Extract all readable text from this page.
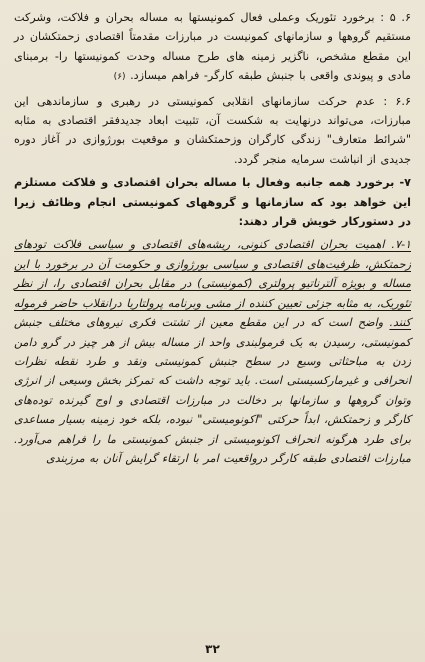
۶. ۵ : برخورد تئوریک وعملی فعال کمونیستها به مساله بحران و فلاکت، وشرکت مستقیم گروهها و سازمانهای کمونیست در مبارزات مقدمتاً اقتصادی زحمتکشان در این مقطع مشخص، ناگزیر زمینه های طرح مساله وحدت کمونیستها را- برمبنای مادی و پیوندی واقعی با جنبش طبقه کارگر- فراهم میسازد. (۶)

۶.۶ : عدم حرکت سازمانهای انقلابی کمونیستی در رهبری و سازماندهی این مبارزات، می‌تواند درنهایت به شکست آن، تثبیت ابعاد جدیدفقر اقتصادی به مثابه "شرائط متعارف" زندگی کارگران وزحمتکشان و موقعیت بورژوازی در آغاز دوره جدیدی از انباشت سرمایه منجر گردد.

۷- برخورد همه جانبه وفعال با مساله بحران اقتصادی و فلاکت مستلزم این خواهد بود که سازمانها و گروههای کمونیستی انجام وظائف زیرا در دستورکار خویش قرار دهند:

۷-۱. اهمیت بحران اقتصادی کنونی، ریشه‌های اقتصادی و سیاسی فلاکت تودهای زحمتکش، ظرفیت‌های اقتصادی و سیاسی بورژوازی و حکومت آن در برخورد با این مساله و بویژه آلترناتیو پرولتری (کمونیستی) در مقابل بحران اقتصادی را، از نظر تئوریک، به مثابه جزئی تعیین کننده از مشی وبرنامه پرولتاریا درانقلاب حاضر فرموله کنند. واضح است که در این مقطع معین از تشتت فکری نیروهای مختلف جنبش کمونیستی، رسیدن به یک فرمولبندی واحد از مساله بیش از هر چیز در گرو دامن زدن به مباحثاتی وسیع در سطح جنبش کمونیستی ونقد و طرد نقطه نظرات انحرافی و غیرمارکسیستی است. باید توجه داشت که تمرکز بخش وسیعی از انرژی وتوان گروهها و سازمانها بر دخالت در مبارزات اقتصادی و اوج گیرنده توده‌های کارگر و زحمتکش، ابداً حرکتی "اکونومیستی" نبوده، بلکه خود زمینه بسیار مساعدی برای طرد هرگونه انحراف اکونومیستی از جنبش کمونیستی ما را فراهم می‌آورد. مبارزات اقتصادی طبقه کارگر درواقعیت امر با ارتقاء گرایش آنان به مرزبندی

۳۲
